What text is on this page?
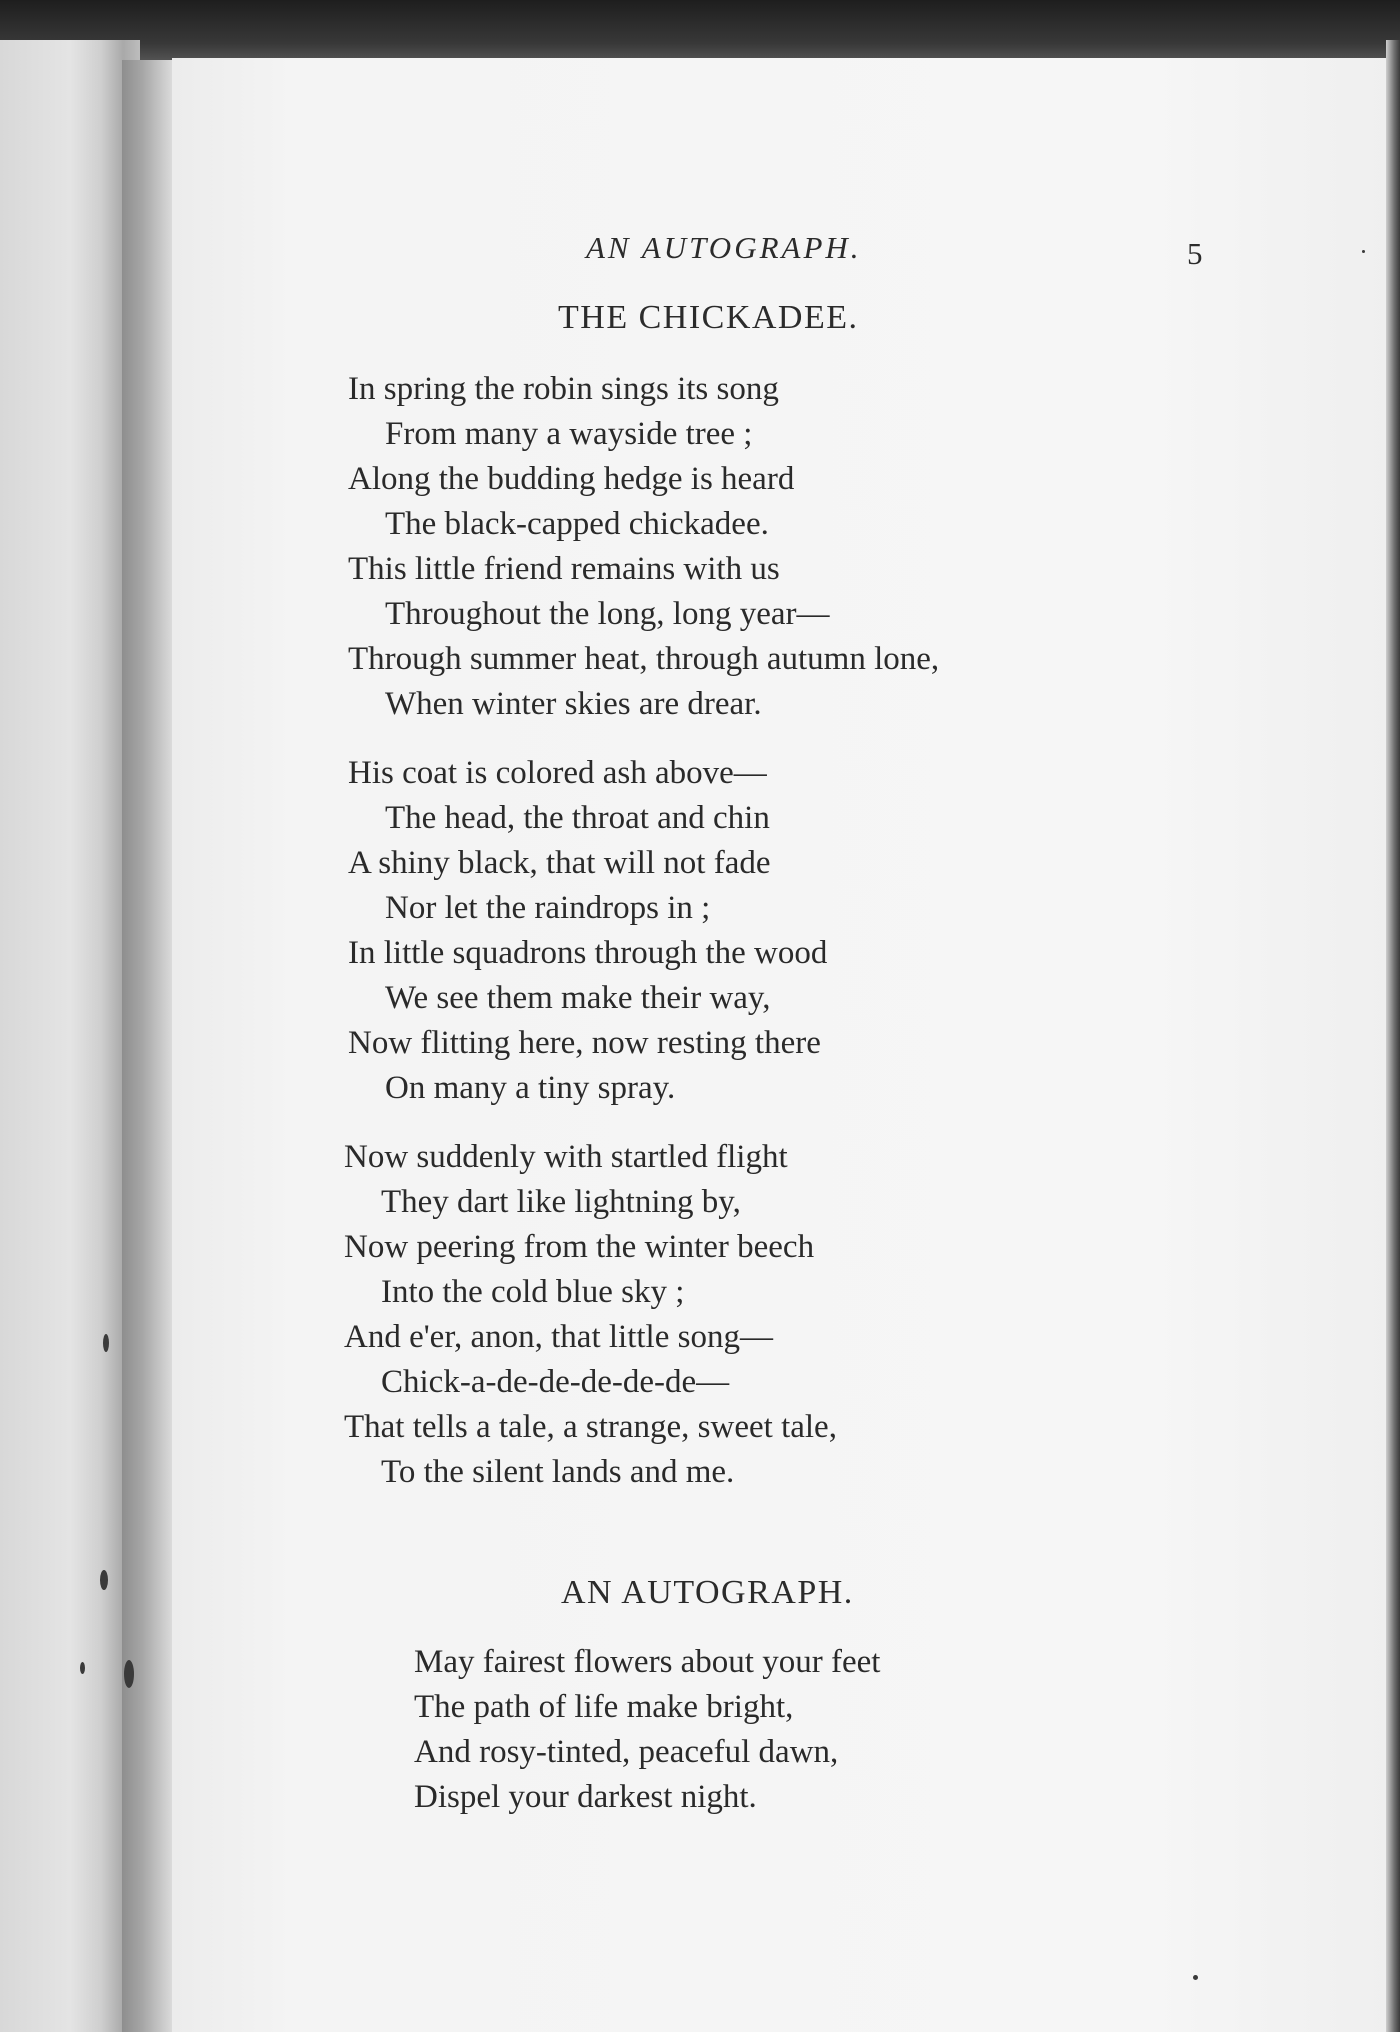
AN AUTOGRAPH.	5
THE CHICKADEE.

In spring the robin sings its song
From many a wayside tree ;
Along the budding hedge is heard
The black-capped chickadee.
This little friend remains with us
Throughout the long, long year—
Through summer heat, through autumn lone,
When winter skies are drear.

His coat is colored ash above—
The head, the throat and chin
A shiny black, that will not fade
Nor let the raindrops in ;
In little squadrons through the wood
We see them make their way,
Now flitting here, now resting there
On many a tiny spray.

Now suddenly with startled flight
They dart like lightning by,
Now peering from the winter beech
Into the cold blue sky ;
And e'er, anon, that little song—
Chick-a-de-de-de-de-de—
That tells a tale, a strange, sweet tale,
To the silent lands and me.

AN AUTOGRAPH.

May fairest flowers about your feet
The path of life make bright,
And rosy-tinted, peaceful dawn,
Dispel your darkest night.
